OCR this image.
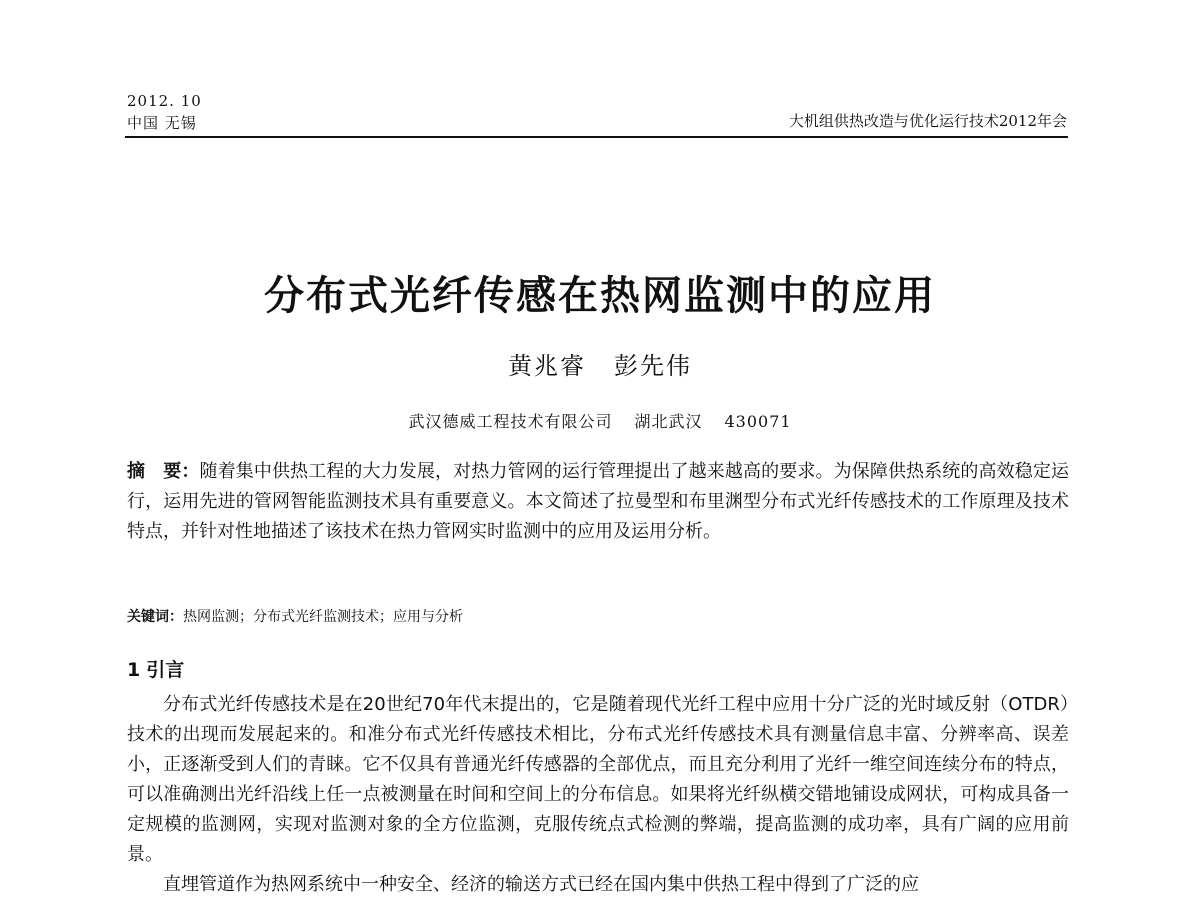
2012. 10
中国 无锡	大机组供热改造与优化运行技术2012年会
分布式光纤传感在热网监测中的应用
黄兆睿 彭先伟
武汉德威工程技术有限公司 湖北武汉 430071
摘　要：随着集中供热工程的大力发展，对热力管网的运行管理提出了越来越高的要求。为保障供热系统的高效稳定运行，运用先进的管网智能监测技术具有重要意义。本文简述了拉曼型和布里渊型分布式光纤传感技术的工作原理及技术特点，并针对性地描述了该技术在热力管网实时监测中的应用及运用分析。
关键词：热网监测；分布式光纤监测技术；应用与分析
1 引言

分布式光纤传感技术是在20世纪70年代末提出的，它是随着现代光纤工程中应用十分广泛的光时域反射（OTDR）技术的出现而发展起来的。和准分布式光纤传感技术相比，分布式光纤传感技术具有测量信息丰富、分辨率高、误差小，正逐渐受到人们的青睐。它不仅具有普通光纤传感器的全部优点，而且充分利用了光纤一维空间连续分布的特点，可以准确测出光纤沿线上任一点被测量在时间和空间上的分布信息。如果将光纤纵横交错地铺设成网状，可构成具备一定规模的监测网，实现对监测对象的全方位监测，克服传统点式检测的弊端，提高监测的成功率，具有广阔的应用前景。

直埋管道作为热网系统中一种安全、经济的输送方式已经在国内集中供热工程中得到了广泛的应
